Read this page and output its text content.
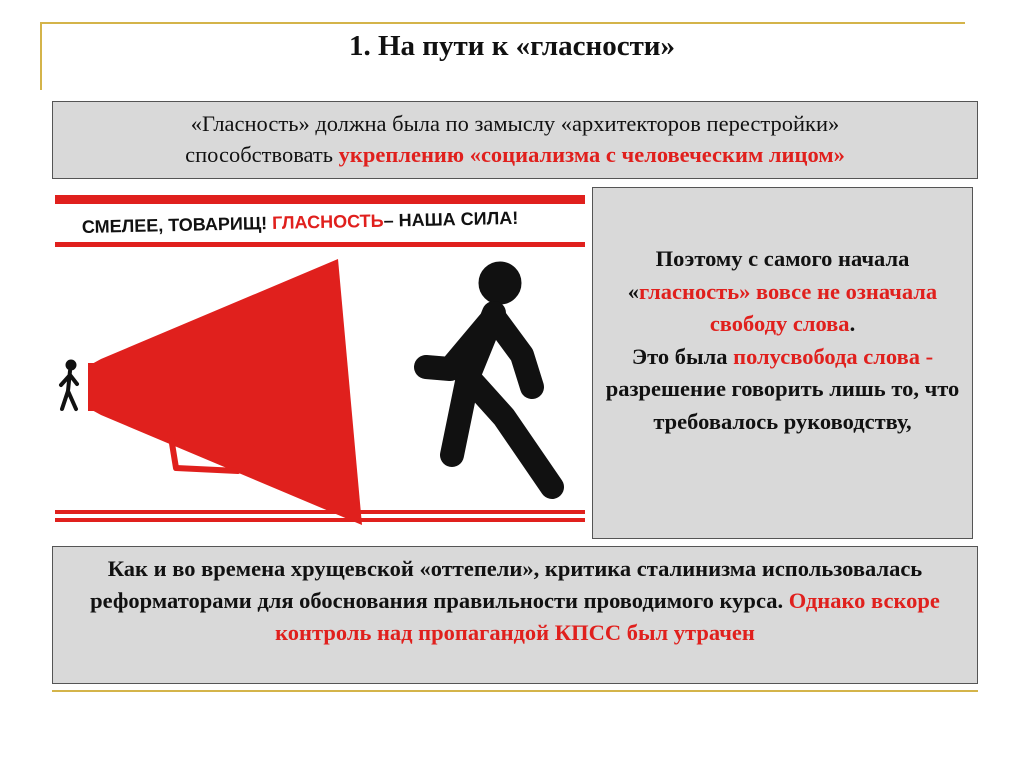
1. На пути к «гласности»
«Гласность» должна была по замыслу «архитекторов перестройки»
способствовать укреплению «социализма с человеческим лицом»
СМЕЛЕЕ, ТОВАРИЩ! ГЛАСНОСТЬ– НАША СИЛА!
Поэтому с самого начала
«гласность» вовсе не означала свободу слова.
Это была полусвобода слова - разрешение говорить лишь то, что требовалось руководству,
Как и во времена хрущевской «оттепели», критика сталинизма использовалась реформаторами для обоснования правильности проводимого курса. Однако вскоре контроль над пропагандой КПСС был утрачен
